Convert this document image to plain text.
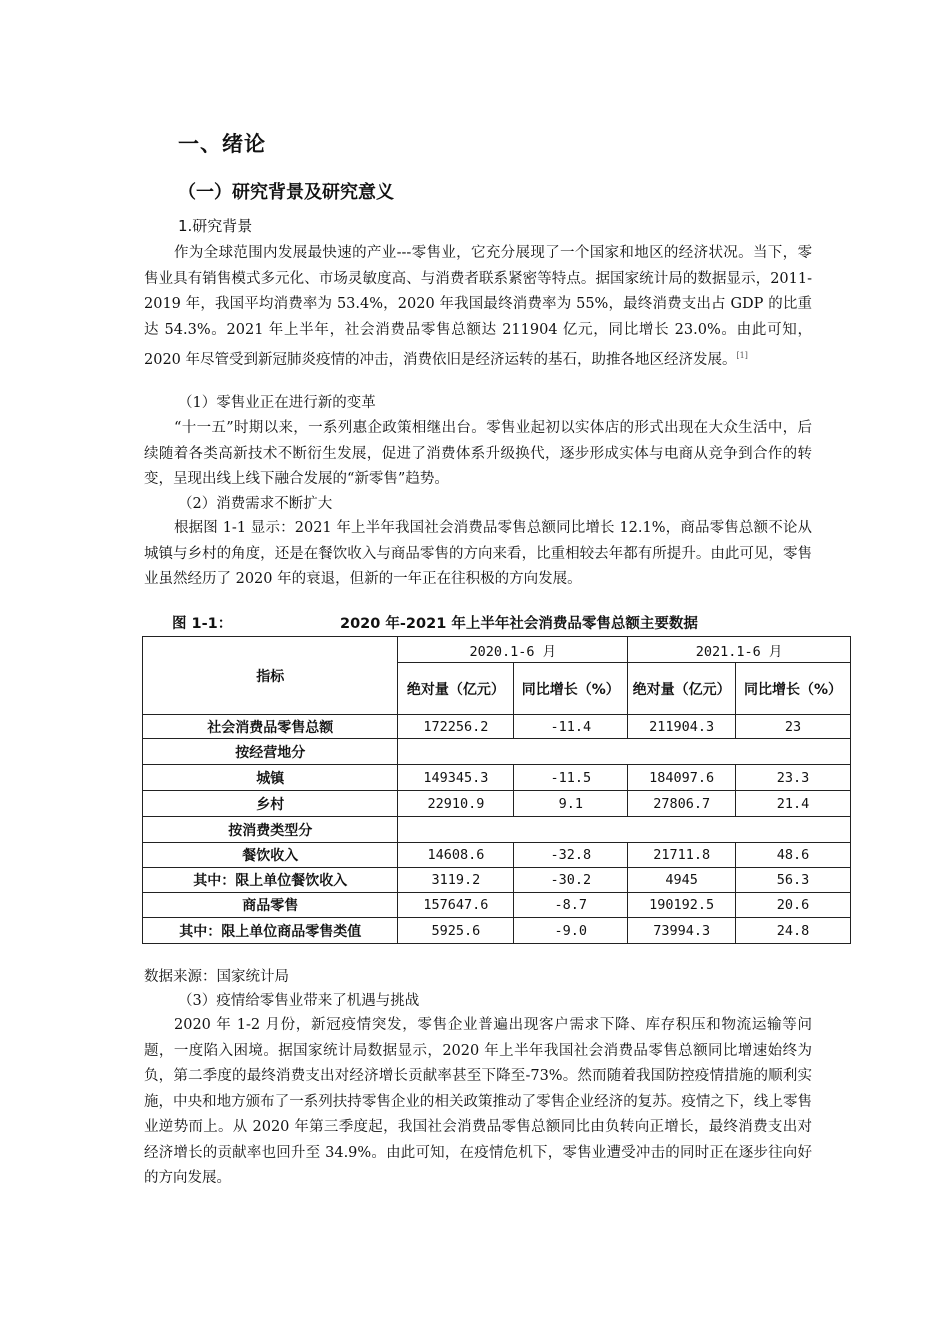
一、绪论
（一）研究背景及研究意义
1.研究背景

作为全球范围内发展最快速的产业---零售业，它充分展现了一个国家和地区的经济状况。当下，零售业具有销售模式多元化、市场灵敏度高、与消费者联系紧密等特点。据国家统计局的数据显示，2011-2019 年，我国平均消费率为 53.4%，2020 年我国最终消费率为 55%，最终消费支出占 GDP 的比重达 54.3%。2021 年上半年，社会消费品零售总额达 211904 亿元，同比增长 23.0%。由此可知，2020 年尽管受到新冠肺炎疫情的冲击，消费依旧是经济运转的基石，助推各地区经济发展。[1]

（1）零售业正在进行新的变革

“十一五”时期以来，一系列惠企政策相继出台。零售业起初以实体店的形式出现在大众生活中，后续随着各类高新技术不断衍生发展，促进了消费体系升级换代，逐步形成实体与电商从竞争到合作的转变，呈现出线上线下融合发展的“新零售”趋势。

（2）消费需求不断扩大

根据图 1-1 显示：2021 年上半年我国社会消费品零售总额同比增长 12.1%，商品零售总额不论从城镇与乡村的角度，还是在餐饮收入与商品零售的方向来看，比重相较去年都有所提升。由此可见，零售业虽然经历了 2020 年的衰退，但新的一年正在往积极的方向发展。

图 1-1：	2020 年-2021 年上半年社会消费品零售总额主要数据
指标	2020.1-6 月		2021.1-6 月	
	绝对量（亿元）	同比增长（%）	绝对量（亿元）	同比增长（%）
社会消费品零售总额	172256.2	-11.4	211904.3	23
按经营地分				
城镇	149345.3	-11.5	184097.6	23.3
乡村	22910.9	9.1	27806.7	21.4
按消费类型分				
餐饮收入	14608.6	-32.8	21711.8	48.6
其中：限上单位餐饮收入	3119.2	-30.2	4945	56.3
商品零售	157647.6	-8.7	190192.5	20.6
其中：限上单位商品零售类值	5925.6	-9.0	73994.3	24.8
数据来源：国家统计局
（3）疫情给零售业带来了机遇与挑战

2020 年 1-2 月份，新冠疫情突发，零售企业普遍出现客户需求下降、库存积压和物流运输等问题，一度陷入困境。据国家统计局数据显示，2020 年上半年我国社会消费品零售总额同比增速始终为负，第二季度的最终消费支出对经济增长贡献率甚至下降至-73%。然而随着我国防控疫情措施的顺利实施，中央和地方颁布了一系列扶持零售企业的相关政策推动了零售企业经济的复苏。疫情之下，线上零售业逆势而上。从 2020 年第三季度起，我国社会消费品零售总额同比由负转向正增长，最终消费支出对经济增长的贡献率也回升至 34.9%。由此可知，在疫情危机下，零售业遭受冲击的同时正在逐步往向好的方向发展。
